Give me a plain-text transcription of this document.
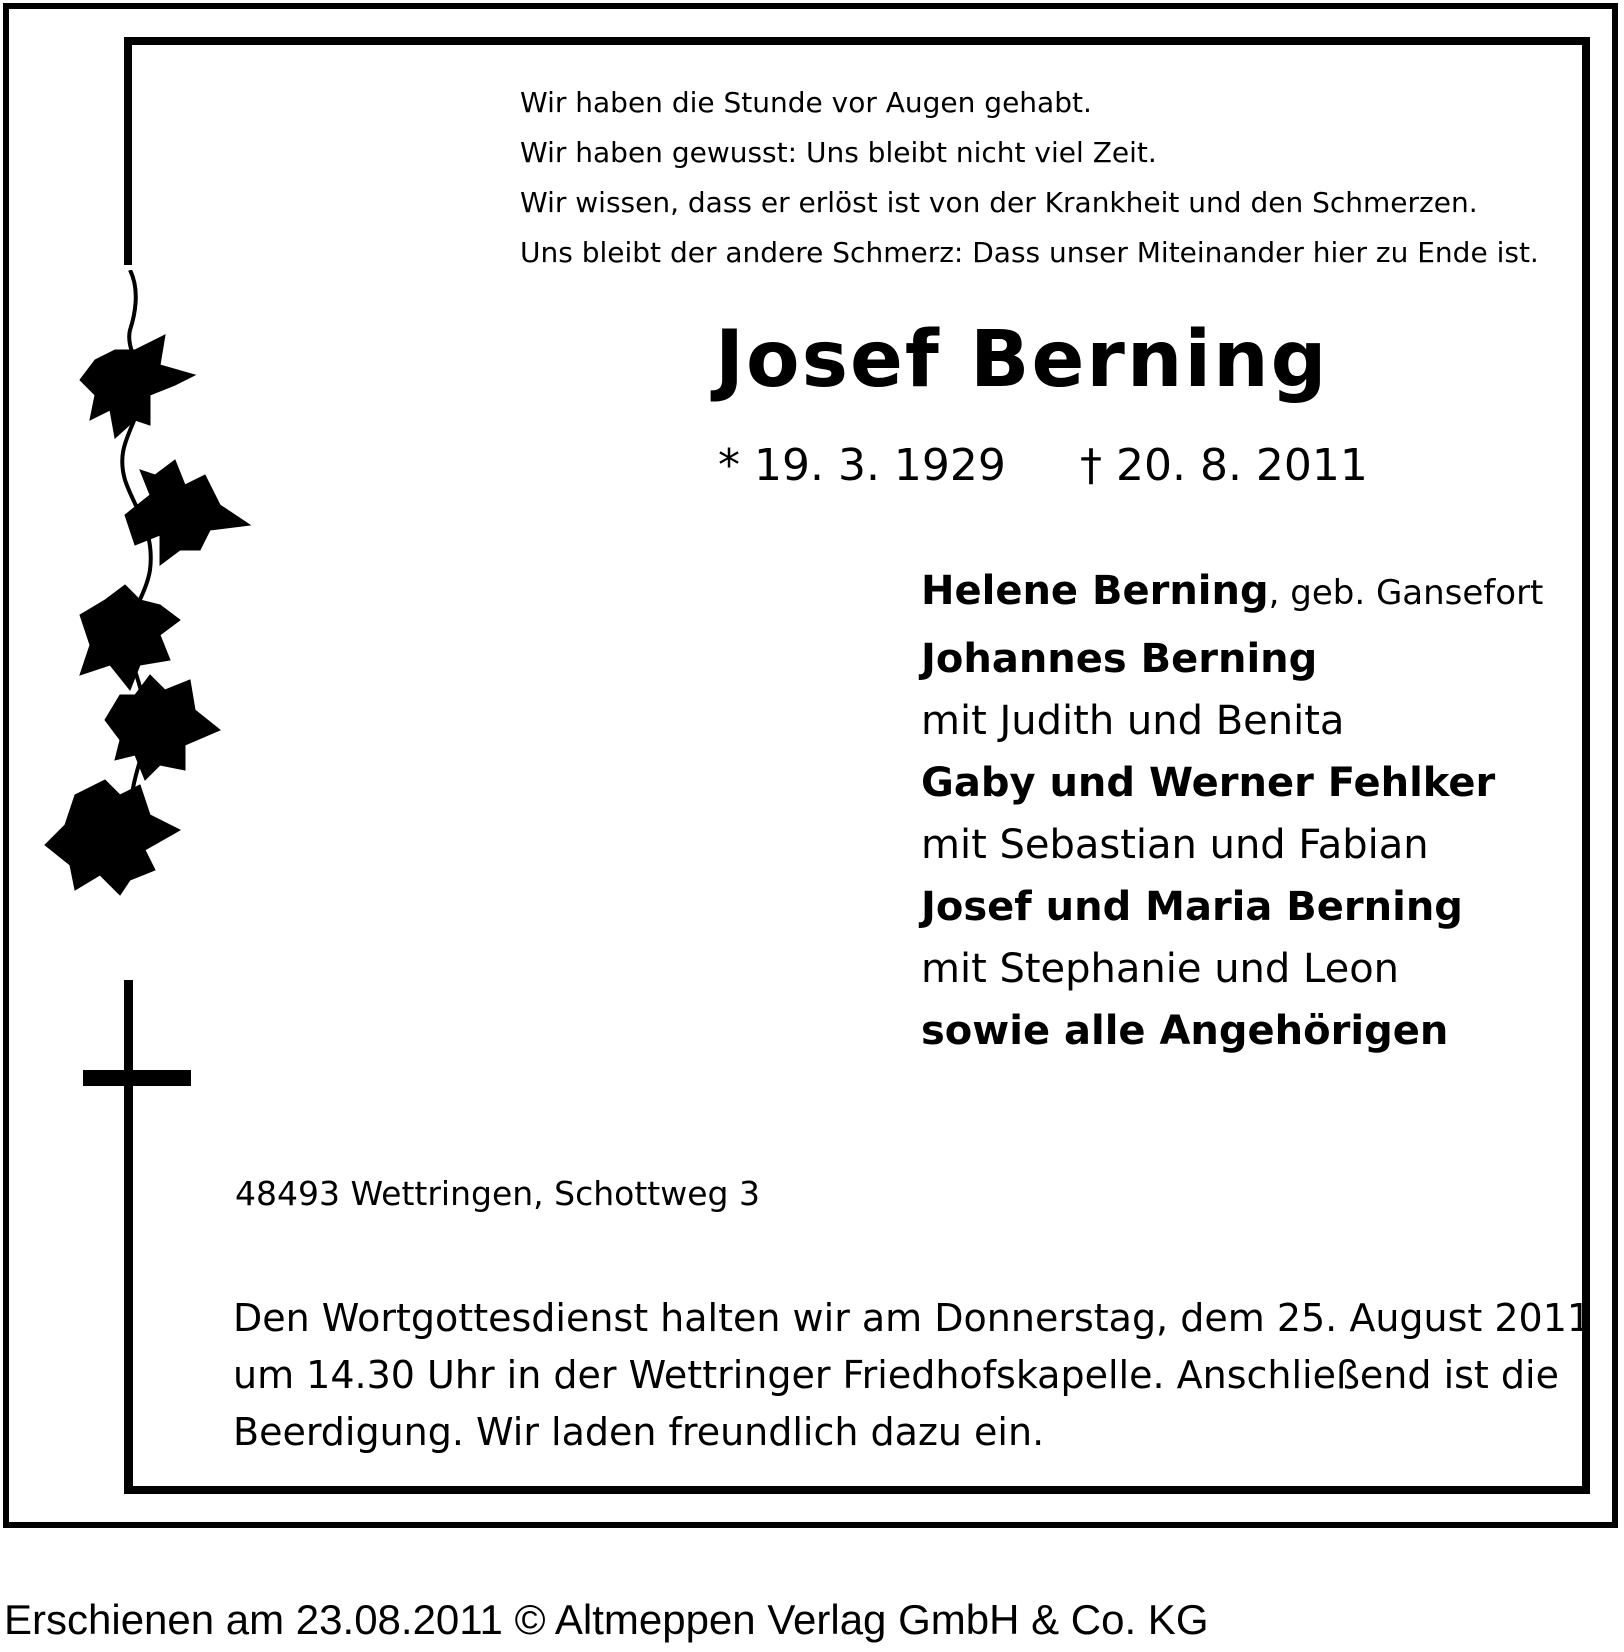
Wir haben die Stunde vor Augen gehabt.
Wir haben gewusst: Uns bleibt nicht viel Zeit.
Wir wissen, dass er erlöst ist von der Krankheit und den Schmerzen.
Uns bleibt der andere Schmerz: Dass unser Miteinander hier zu Ende ist.
Josef Berning
* 19. 3. 1929 † 20. 8. 2011
Helene Berning, geb. Gansefort
Johannes Berning
mit Judith und Benita
Gaby und Werner Fehlker
mit Sebastian und Fabian
Josef und Maria Berning
mit Stephanie und Leon
sowie alle Angehörigen
48493 Wettringen, Schottweg 3
Den Wortgottesdienst halten wir am Donnerstag, dem 25. August 2011
um 14.30 Uhr in der Wettringer Friedhofskapelle. Anschließend ist die
Beerdigung. Wir laden freundlich dazu ein.
Erschienen am 23.08.2011 © Altmeppen Verlag GmbH & Co. KG
